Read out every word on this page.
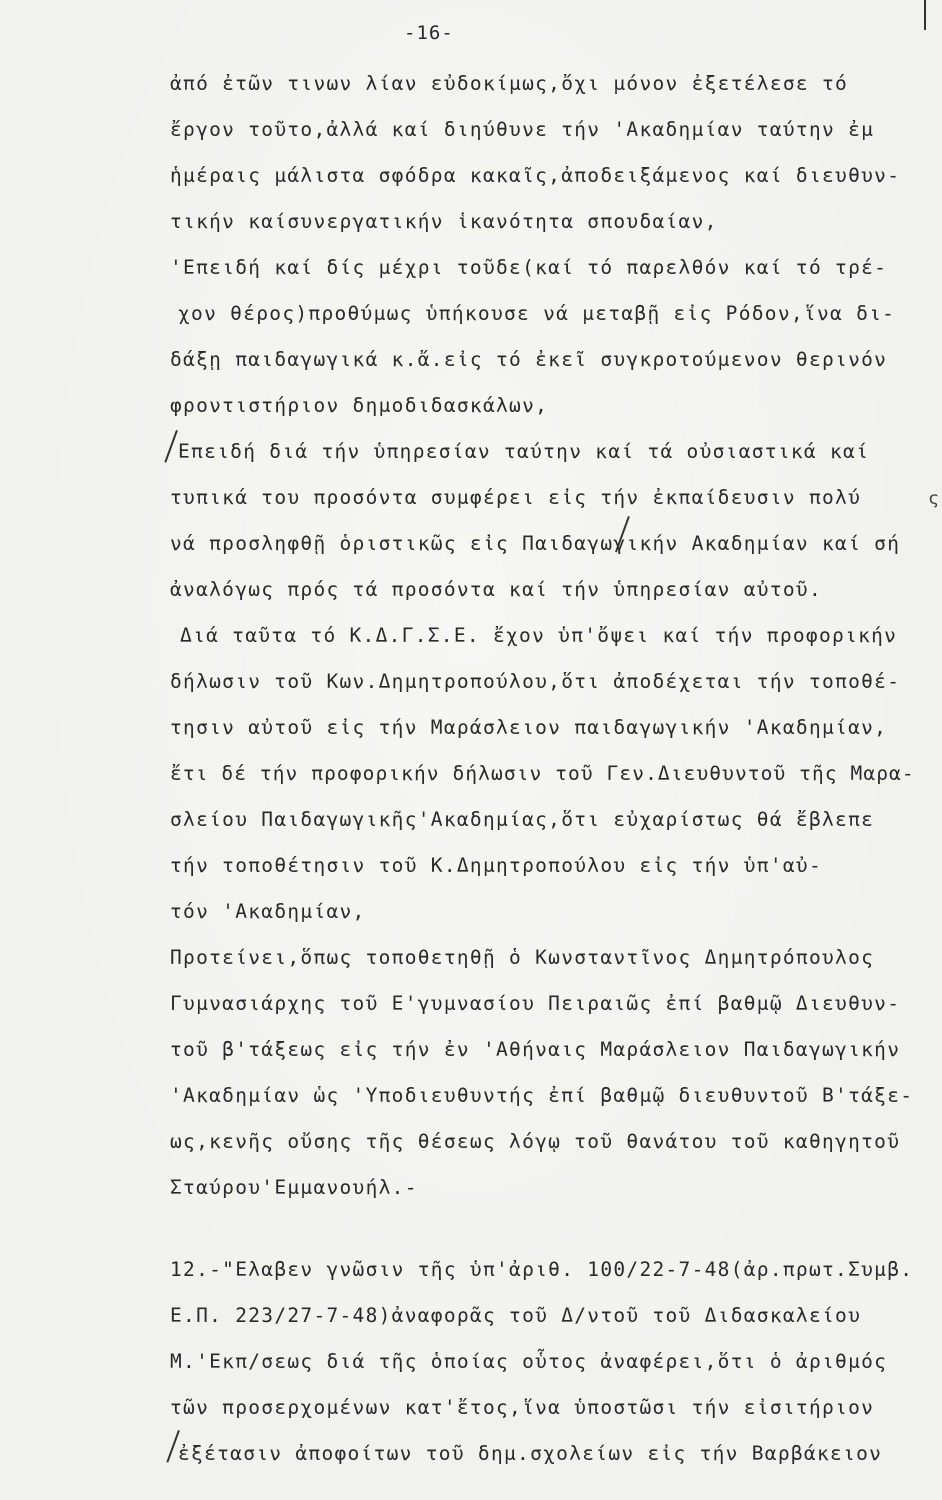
-16-
ἀπό ἐτῶν τινων λίαν εὐδοκίμως,ὄχι μόνον ἐξετέλεσε τό
ἔργον τοῦτο,ἀλλά καί διηύθυνε τήν 'Ακαδημίαν ταύτην ἐμ
ἡμέραις μάλιστα σφόδρα κακαῖς,ἀποδειξάμενος καί διευθυν-
τικήν καίσυνεργατικήν ἱκανότητα σπουδαίαν,
'Επειδή καί δίς μέχρι τοῦδε(καί τό παρελθόν καί τό τρέ-
χον θέρος)προθύμως ὑπήκουσε νά μεταβῇ εἰς Ρόδον,ἵνα δι-
δάξῃ παιδαγωγικά κ.ἄ.εἰς τό ἐκεῖ συγκροτούμενον θερινόν
φροντιστήριον δημοδιδασκάλων,
Επειδή διά τήν ὑπηρεσίαν ταύτην καί τά οὐσιαστικά καί
τυπικά του προσόντα συμφέρει εἰς τήν ἐκπαίδευσιν πολύ
νά προσληφθῇ ὁριστικῶς εἰς Παιδαγωγικήν Ακαδημίαν καί σή
ἀναλόγως πρός τά προσόντα καί τήν ὑπηρεσίαν αὐτοῦ.
Διά ταῦτα τό Κ.Δ.Γ.Σ.Ε. ἔχον ὑπ'ὄψει καί τήν προφορικήν
δήλωσιν τοῦ Κων.Δημητροπούλου,ὅτι ἀποδέχεται τήν τοποθέ-
τησιν αὐτοῦ εἰς τήν Μαράσλειον παιδαγωγικήν 'Ακαδημίαν,
ἔτι δέ τήν προφορικήν δήλωσιν τοῦ Γεν.Διευθυντοῦ τῆς Μαρα-
σλείου Παιδαγωγικῆς'Ακαδημίας,ὅτι εὐχαρίστως θά ἔβλεπε
τήν τοποθέτησιν τοῦ Κ.Δημητροπούλου εἰς τήν ὑπ'αὐ-
τόν 'Ακαδημίαν,
Προτείνει,ὅπως τοποθετηθῇ ὁ Κωνσταντῖνος Δημητρόπουλος
Γυμνασιάρχης τοῦ Ε'γυμνασίου Πειραιῶς ἐπί βαθμῷ Διευθυν-
τοῦ β'τάξεως εἰς τήν ἐν 'Αθήναις Μαράσλειον Παιδαγωγικήν
'Ακαδημίαν ὡς 'Υποδιευθυντής ἐπί βαθμῷ διευθυντοῦ Β'τάξε-
ως,κενῆς οὔσης τῆς θέσεως λόγῳ τοῦ θανάτου τοῦ καθηγητοῦ
Σταύρου'Εμμανουήλ.-
12.-"Ελαβεν γνῶσιν τῆς ὑπ'ἀριθ. 100/22-7-48(ἀρ.πρωτ.Συμβ.
Ε.Π. 223/27-7-48)ἀναφορᾶς τοῦ Δ/ντοῦ τοῦ Διδασκαλείου
Μ.'Εκπ/σεως διά τῆς ὁποίας οὗτος ἀναφέρει,ὅτι ὁ ἀριθμός
τῶν προσερχομένων κατ'ἔτος,ἵνα ὑποστῶσι τήν εἰσιτήριον
ἐξέτασιν ἀποφοίτων τοῦ δημ.σχολείων εἰς τήν Βαρβάκειον
ς
